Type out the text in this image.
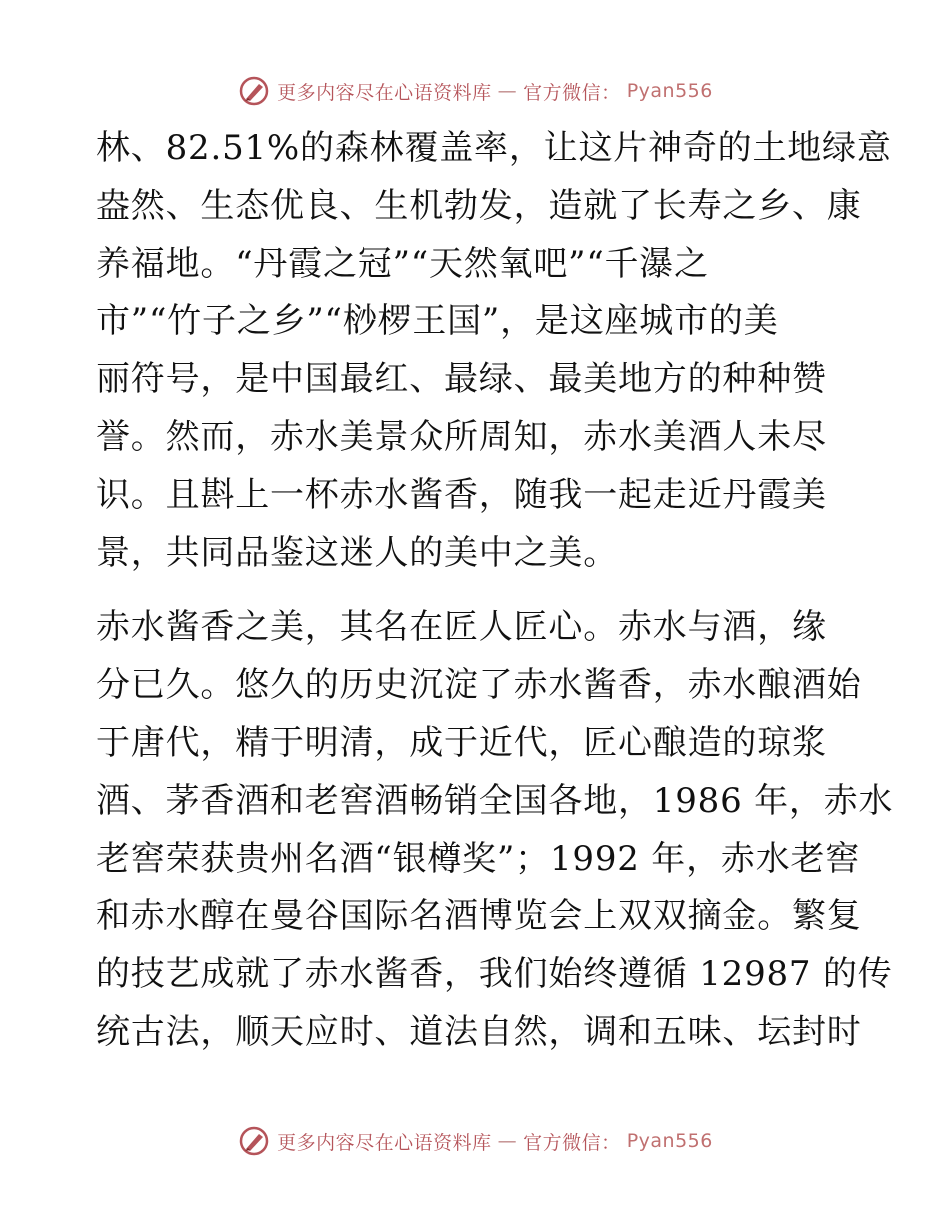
更多内容尽在心语资料库 — 官方微信： Pyan556

林、82.51%的森林覆盖率，让这片神奇的土地绿意
盎然、生态优良、生机勃发，造就了长寿之乡、康
养福地。“丹霞之冠”“天然氧吧”“千瀑之
市”“竹子之乡”“桫椤王国”，是这座城市的美
丽符号，是中国最红、最绿、最美地方的种种赞
誉。然而，赤水美景众所周知，赤水美酒人未尽
识。且斟上一杯赤水酱香，随我一起走近丹霞美
景，共同品鉴这迷人的美中之美。

赤水酱香之美，其名在匠人匠心。赤水与酒，缘
分已久。悠久的历史沉淀了赤水酱香，赤水酿酒始
于唐代，精于明清，成于近代，匠心酿造的琼浆
酒、茅香酒和老窖酒畅销全国各地，1986 年，赤水
老窖荣获贵州名酒“银樽奖”；1992 年，赤水老窖
和赤水醇在曼谷国际名酒博览会上双双摘金。繁复
的技艺成就了赤水酱香，我们始终遵循 12987 的传
统古法，顺天应时、道法自然，调和五味、坛封时

更多内容尽在心语资料库 — 官方微信： Pyan556
